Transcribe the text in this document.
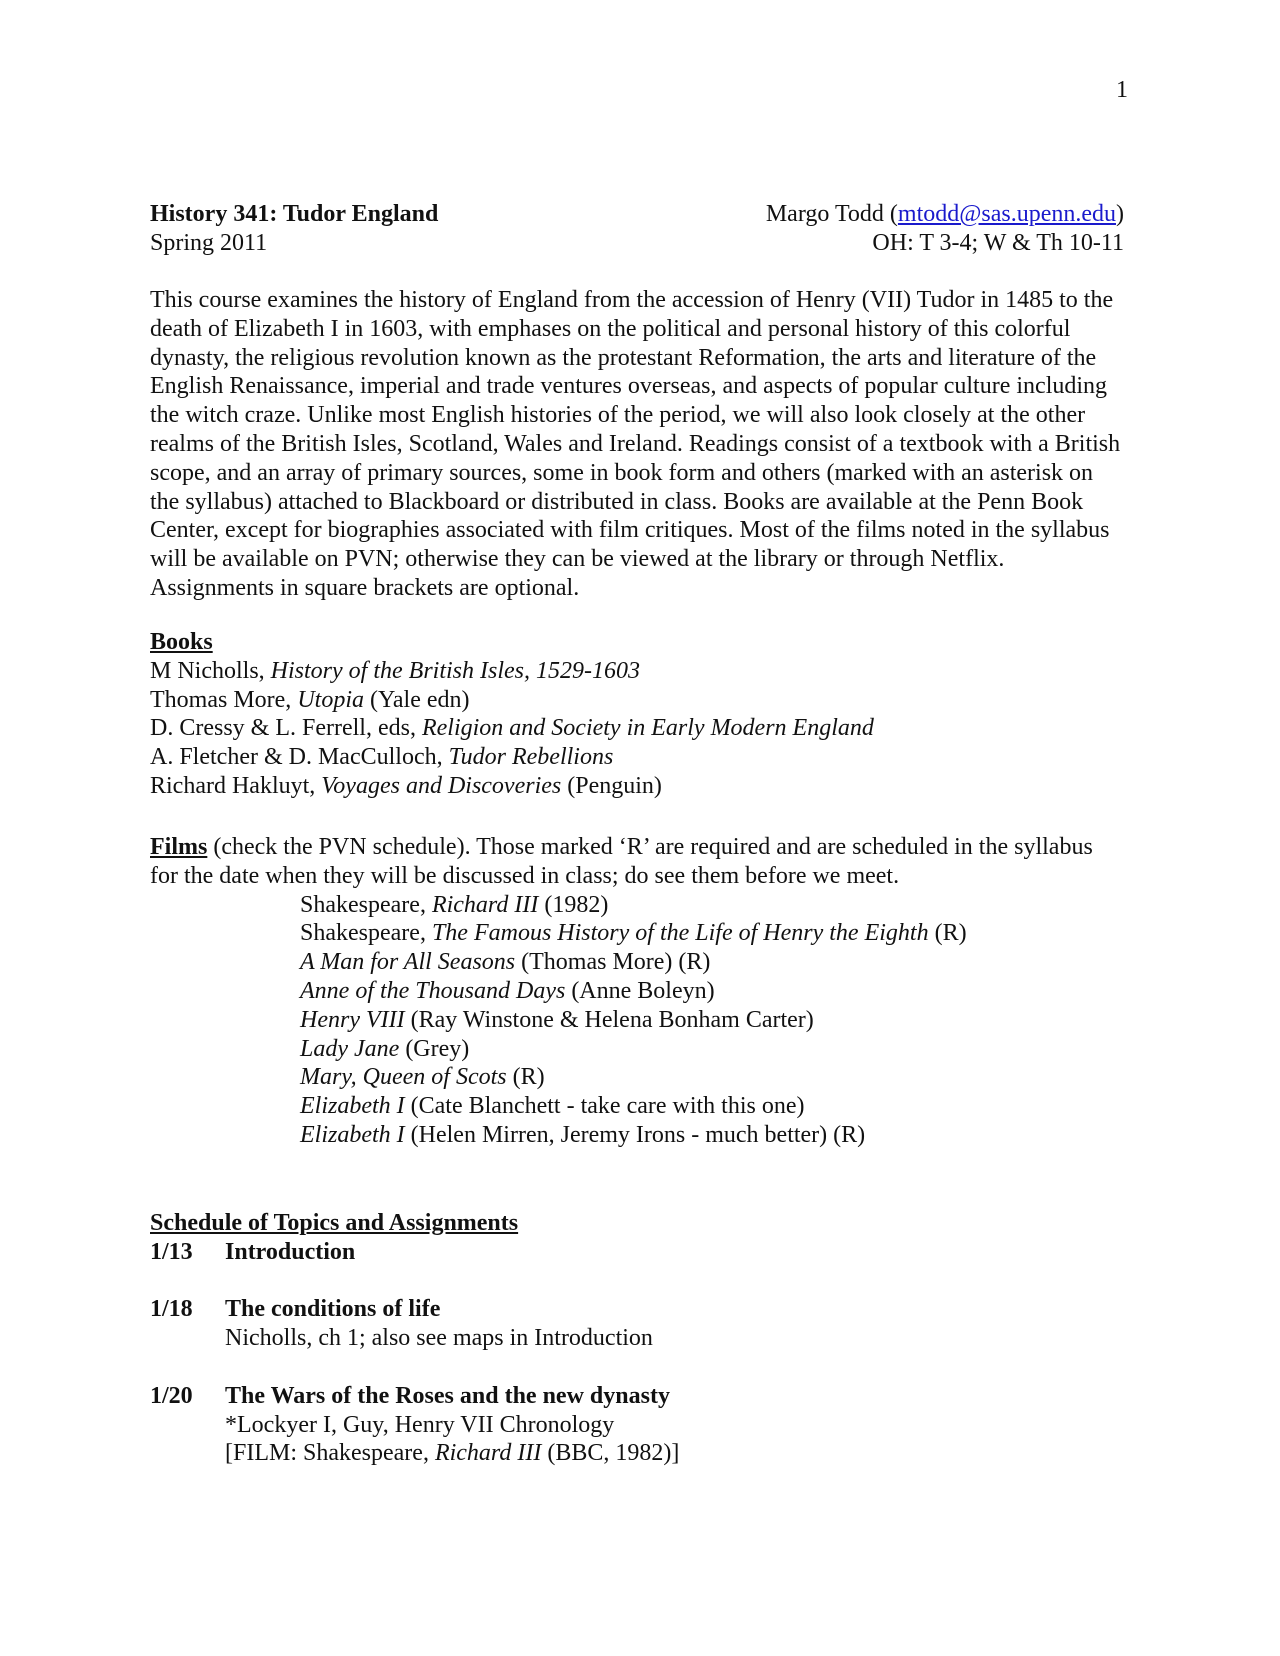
1
History 341: Tudor England	Margo Todd (mtodd@sas.upenn.edu)
Spring 2011	OH: T 3-4; W & Th 10-11
This course examines the history of England from the accession of Henry (VII) Tudor in 1485 to the death of Elizabeth I in 1603, with emphases on the political and personal history of this colorful dynasty, the religious revolution known as the protestant Reformation, the arts and literature of the English Renaissance, imperial and trade ventures overseas, and aspects of popular culture including the witch craze. Unlike most English histories of the period, we will also look closely at the other realms of the British Isles, Scotland, Wales and Ireland. Readings consist of a textbook with a British scope, and an array of primary sources, some in book form and others (marked with an asterisk on the syllabus) attached to Blackboard or distributed in class. Books are available at the Penn Book Center, except for biographies associated with film critiques. Most of the films noted in the syllabus will be available on PVN; otherwise they can be viewed at the library or through Netflix. Assignments in square brackets are optional.
Books
M Nicholls, History of the British Isles, 1529-1603
Thomas More, Utopia (Yale edn)
D. Cressy & L. Ferrell, eds, Religion and Society in Early Modern England
A. Fletcher & D. MacCulloch, Tudor Rebellions
Richard Hakluyt, Voyages and Discoveries (Penguin)
Films (check the PVN schedule). Those marked ‘R’ are required and are scheduled in the syllabus for the date when they will be discussed in class; do see them before we meet.
Shakespeare, Richard III (1982)
Shakespeare, The Famous History of the Life of Henry the Eighth (R)
A Man for All Seasons (Thomas More) (R)
Anne of the Thousand Days (Anne Boleyn)
Henry VIII (Ray Winstone & Helena Bonham Carter)
Lady Jane (Grey)
Mary, Queen of Scots (R)
Elizabeth I (Cate Blanchett - take care with this one)
Elizabeth I (Helen Mirren, Jeremy Irons - much better) (R)
Schedule of Topics and Assignments
1/13	Introduction
1/18	The conditions of life
Nicholls, ch 1; also see maps in Introduction
1/20	The Wars of the Roses and the new dynasty
*Lockyer I, Guy, Henry VII Chronology
[FILM: Shakespeare, Richard III (BBC, 1982)]
